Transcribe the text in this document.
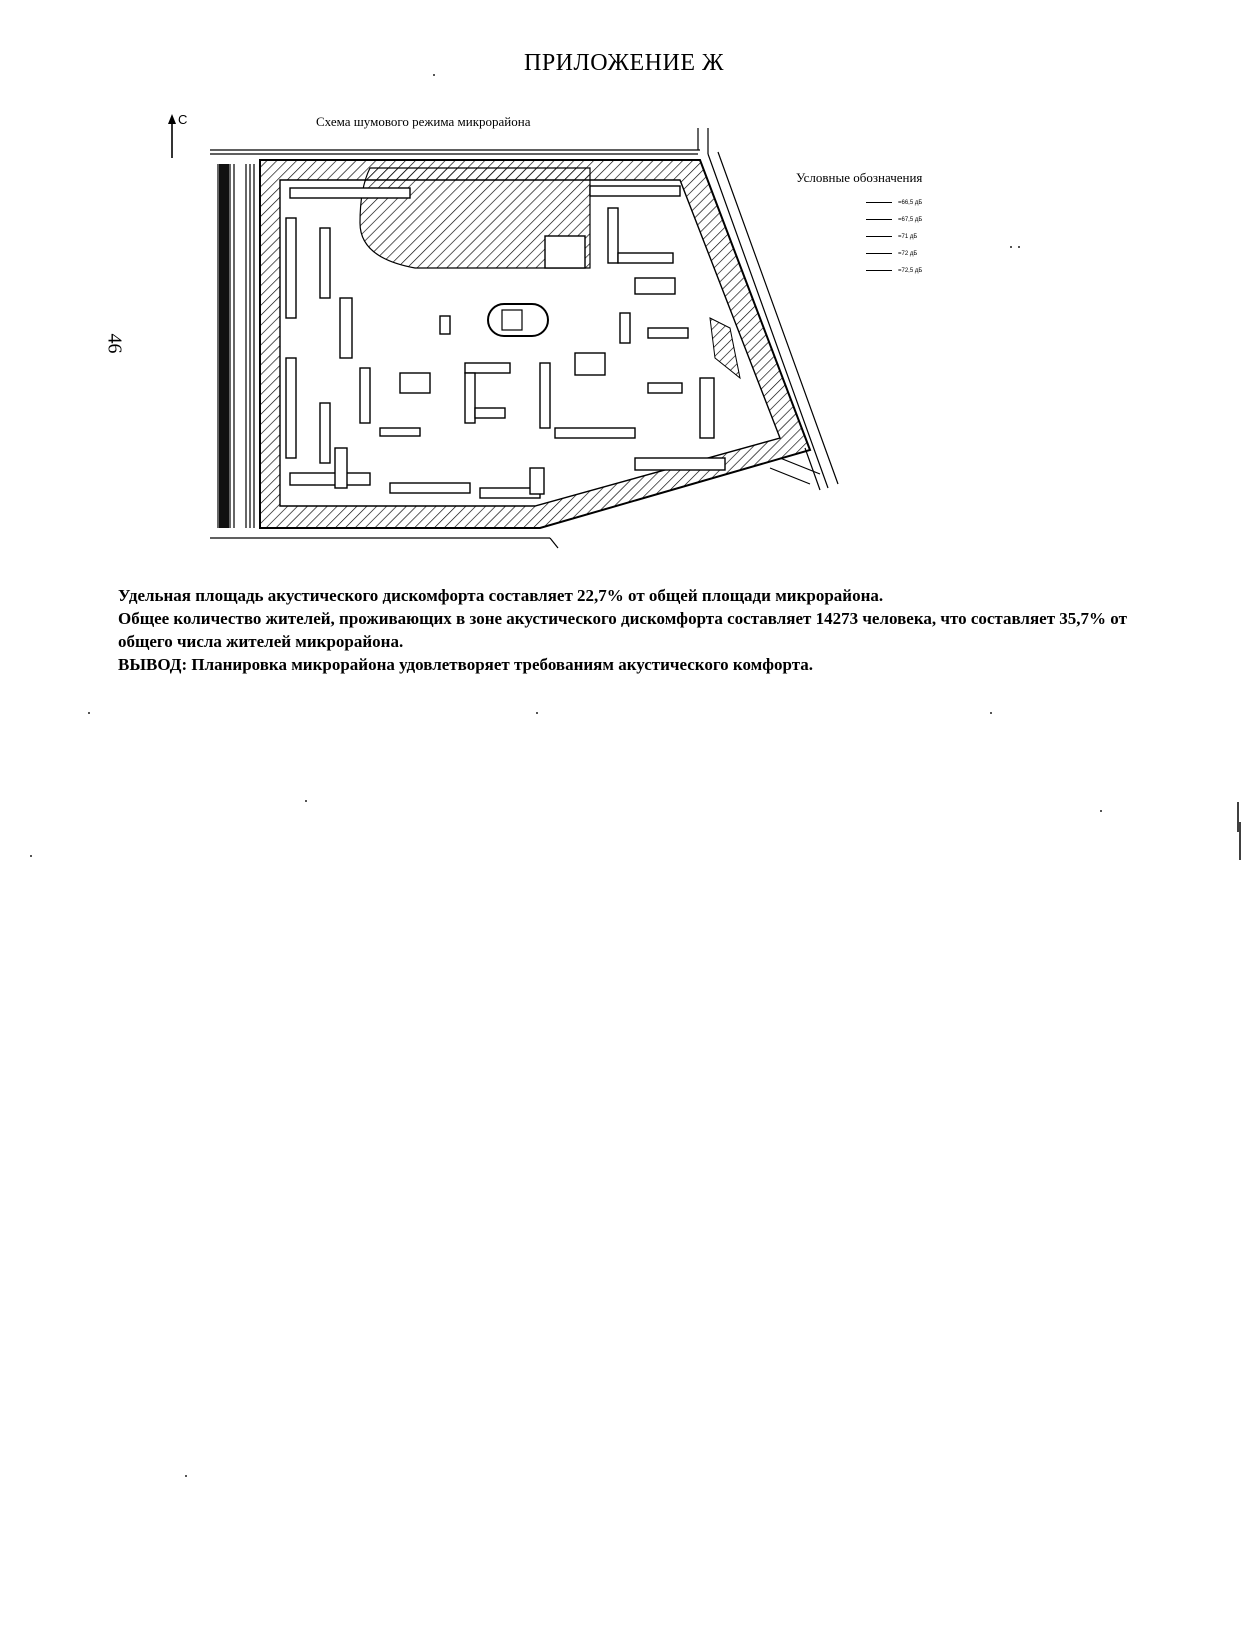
ПРИЛОЖЕНИЕ Ж
46
С	Схема шумового режима микрорайона
Условные обозначения
=66,5 дБ
=67,5 дБ
=71 дБ
=72 дБ
=72,5 дБ

Удельная площадь акустического дискомфорта составляет 22,7% от общей площади микрорайона.

Общее количество жителей, проживающих в зоне акустического дискомфорта составляет 14273 человека, что составляет 35,7% от общего числа жителей микрорайона.

ВЫВОД: Планировка микрорайона удовлетворяет требованиям акустического комфорта.
